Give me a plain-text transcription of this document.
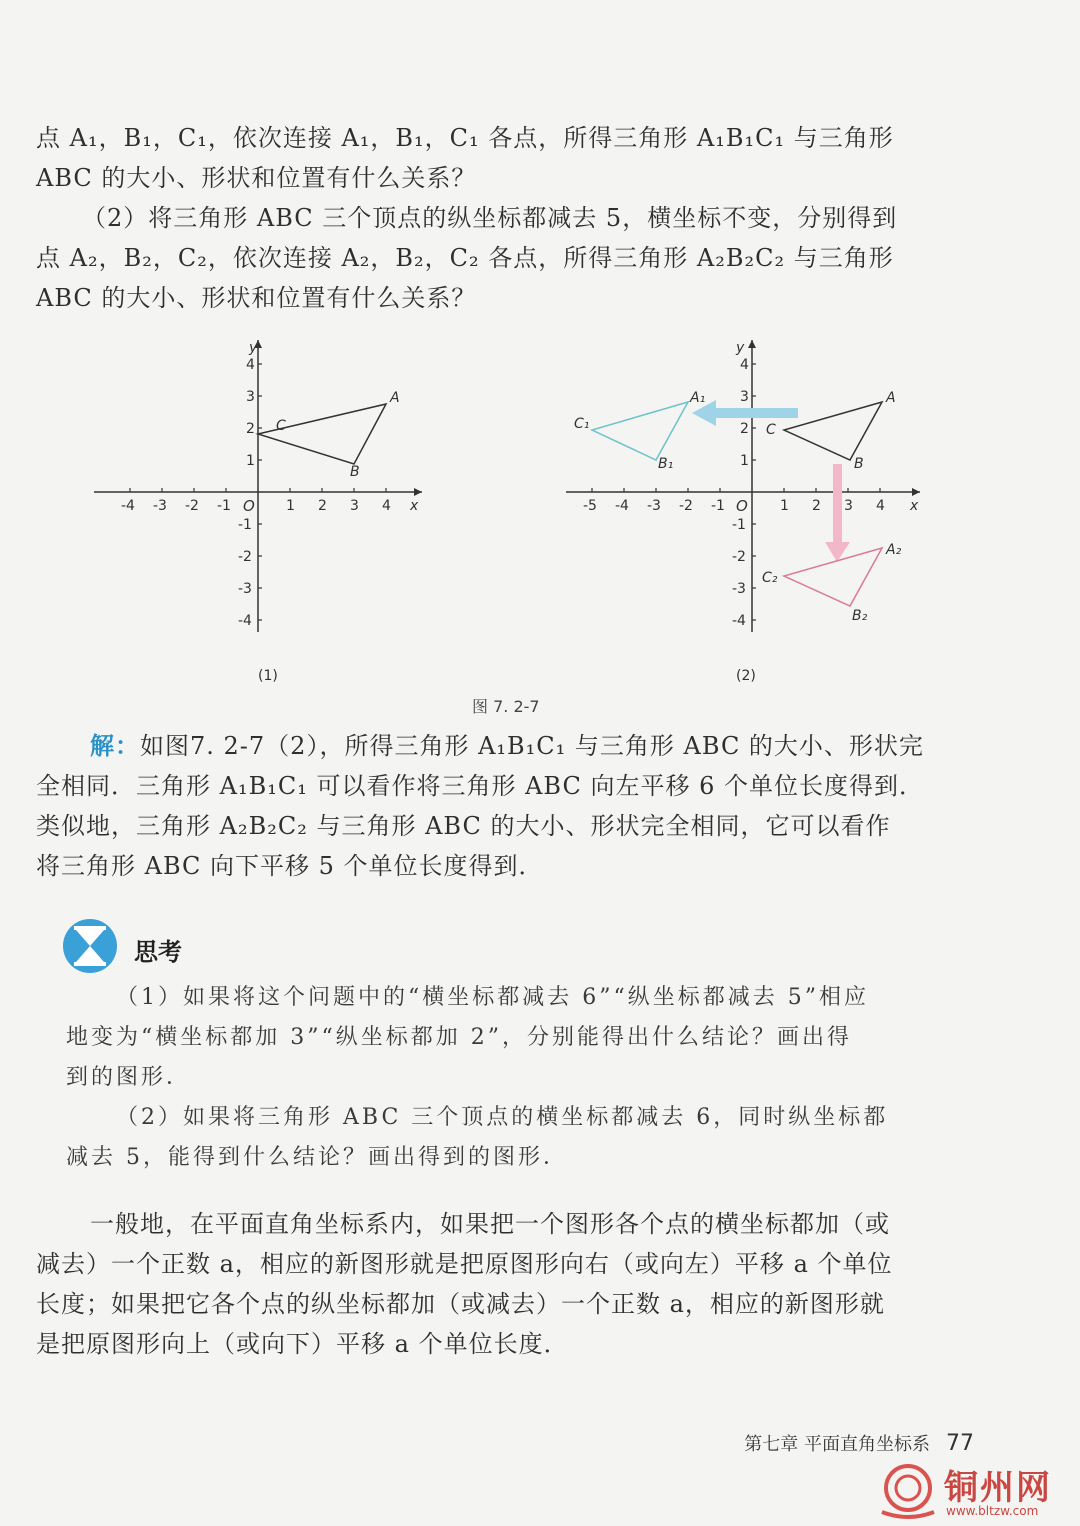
点 A₁，B₁，C₁，依次连接 A₁，B₁，C₁ 各点，所得三角形 A₁B₁C₁ 与三角形
ABC 的大小、形状和位置有什么关系？
（2）将三角形 ABC 三个顶点的纵坐标都减去 5，横坐标不变，分别得到
点 A₂，B₂，C₂，依次连接 A₂，B₂，C₂ 各点，所得三角形 A₂B₂C₂ 与三角形
ABC 的大小、形状和位置有什么关系？
-4 -3 -2 -1	1 2 3 4
4
3
2
1
-1
-2
-3
-4
y
x
O
A
B
C
(1)
-5 -4 -3 -2 -1	1 2 3 4
4
3
2
1
-1
-2
-3
-4
y
x
O
A
B
C
A₁
B₁
C₁
A₂
B₂
C₂
(2)
图 7. 2-7
解：如图7. 2-7（2），所得三角形 A₁B₁C₁ 与三角形 ABC 的大小、形状完
全相同．三角形 A₁B₁C₁ 可以看作将三角形 ABC 向左平移 6 个单位长度得到．
类似地，三角形 A₂B₂C₂ 与三角形 ABC 的大小、形状完全相同，它可以看作
将三角形 ABC 向下平移 5 个单位长度得到．
思考
（1）如果将这个问题中的“横坐标都减去 6”“纵坐标都减去 5”相应
地变为“横坐标都加 3”“纵坐标都加 2”，分别能得出什么结论？画出得
到的图形．
（2）如果将三角形 ABC 三个顶点的横坐标都减去 6，同时纵坐标都
减去 5，能得到什么结论？画出得到的图形．
一般地，在平面直角坐标系内，如果把一个图形各个点的横坐标都加（或
减去）一个正数 a，相应的新图形就是把原图形向右（或向左）平移 a 个单位
长度；如果把它各个点的纵坐标都加（或减去）一个正数 a，相应的新图形就
是把原图形向上（或向下）平移 a 个单位长度．
第七章 平面直角坐标系 77
铜州网
www.bltzw.com
